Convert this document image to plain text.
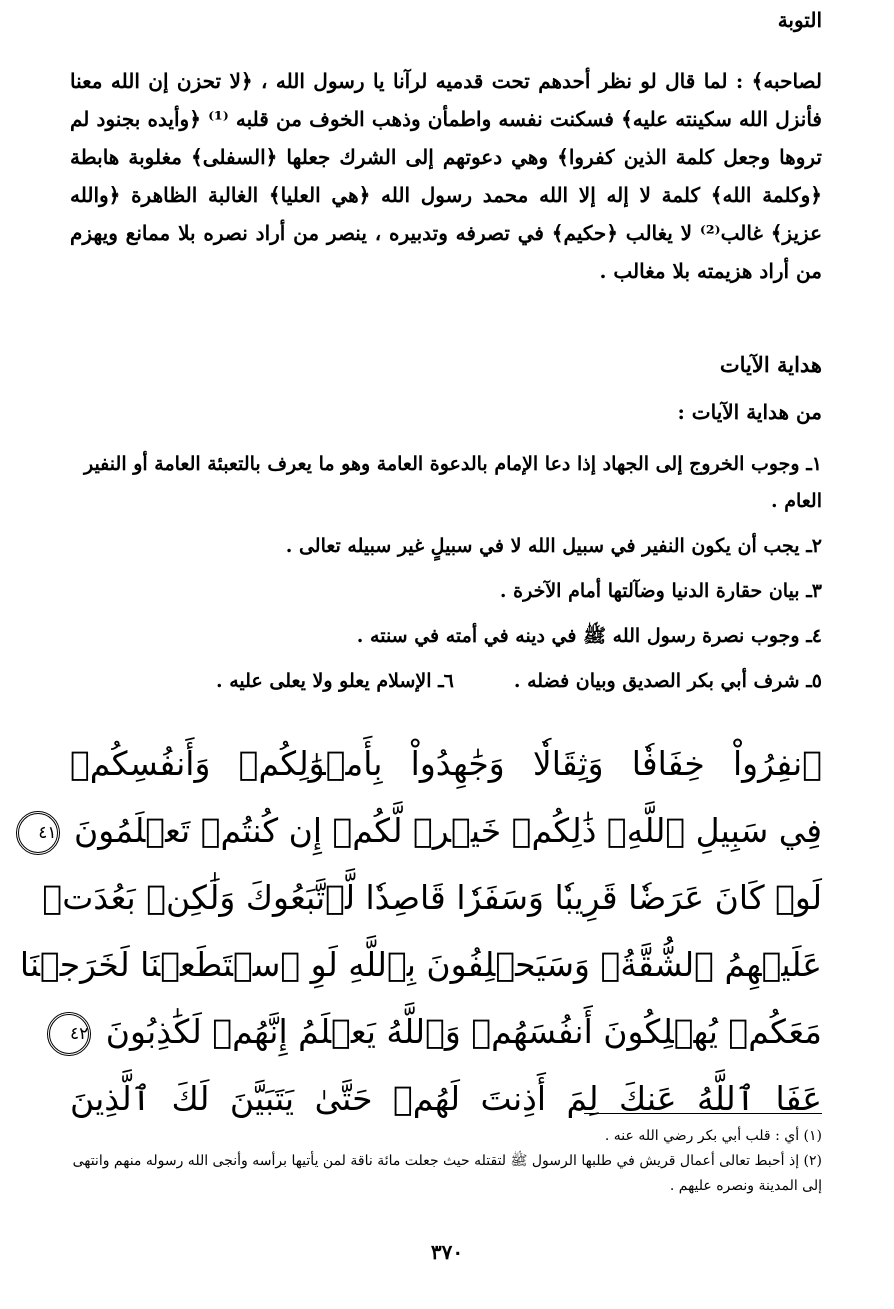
التوبة

لصاحبه﴾ : لما قال لو نظر أحدهم تحت قدميه لرآنا يا رسول الله ، ﴿لا تحزن إن الله معنا فأنزل الله سكينته عليه﴾ فسكنت نفسه واطمأن وذهب الخوف من قلبه ⁽¹⁾ ﴿وأيده بجنود لم تروها وجعل كلمة الذين كفروا﴾ وهي دعوتهم إلى الشرك جعلها ﴿السفلى﴾ مغلوبة هابطة ﴿وكلمة الله﴾ كلمة لا إله إلا الله محمد رسول الله ﴿هي العليا﴾ الغالبة الظاهرة ﴿والله عزيز﴾ غالب⁽²⁾ لا يغالب ﴿حكيم﴾ في تصرفه وتدبيره ، ينصر من أراد نصره بلا ممانع ويهزم من أراد هزيمته بلا مغالب .

هداية الآيات
من هداية الآيات :

١ـ وجوب الخروج إلى الجهاد إذا دعا الإمام بالدعوة العامة وهو ما يعرف بالتعبئة العامة أو النفير العام .

٢ـ يجب أن يكون النفير في سبيل الله لا في سبيلٍ غير سبيله تعالى .

٣ـ بيان حقارة الدنيا وضآلتها أمام الآخرة .

٤ـ وجوب نصرة رسول الله ﷺ في دينه في أمته في سنته .

٥ـ شرف أبي بكر الصديق وبيان فضله .
٦ـ الإسلام يعلو ولا يعلى عليه .
ٱنفِرُواْ خِفَافٗا وَثِقَالٗا وَجَٰهِدُواْ بِأَمۡوَٰلِكُمۡ وَأَنفُسِكُمۡ
فِي سَبِيلِ ٱللَّهِۚ ذَٰلِكُمۡ خَيۡرٞ لَّكُمۡ إِن كُنتُمۡ تَعۡلَمُونَ ٤١
لَوۡ كَانَ عَرَضٗا قَرِيبٗا وَسَفَرٗا قَاصِدٗا لَّٱتَّبَعُوكَ وَلَٰكِنۢ بَعُدَتۡ
عَلَيۡهِمُ ٱلشُّقَّةُۚ وَسَيَحۡلِفُونَ بِٱللَّهِ لَوِ ٱسۡتَطَعۡنَا لَخَرَجۡنَا
مَعَكُمۡ يُهۡلِكُونَ أَنفُسَهُمۡ وَٱللَّهُ يَعۡلَمُ إِنَّهُمۡ لَكَٰذِبُونَ ٤٢
عَفَا ٱللَّهُ عَنكَ لِمَ أَذِنتَ لَهُمۡ حَتَّىٰ يَتَبَيَّنَ لَكَ ٱلَّذِينَ

(١) أي : قلب أبي بكر رضي الله عنه .

(٢) إذ أحبط تعالى أعمال قريش في طلبها الرسول ﷺ لتقتله حيث جعلت مائة ناقة لمن يأتيها برأسه وأنجى الله رسوله منهم وانتهى إلى المدينة ونصره عليهم .

٣٧٠
